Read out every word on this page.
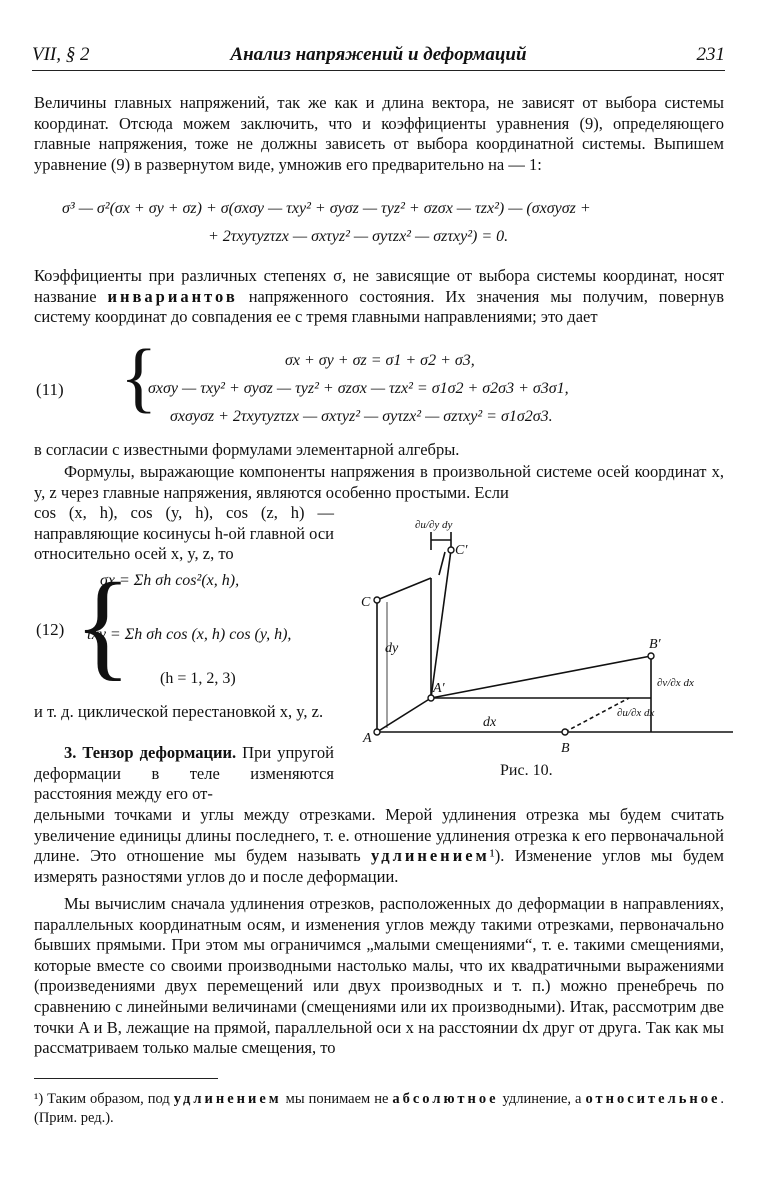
VII, § 2	Анализ напряжений и деформаций	231
Величины главных напряжений, так же как и длина вектора, не зависят от выбора системы координат. Отсюда можем заключить, что и коэффициенты уравнения (9), определяющего главные напряжения, тоже не должны зависеть от выбора координатной системы. Выпишем уравнение (9) в развернутом виде, умножив его предварительно на — 1:
σ³ — σ²(σx + σy + σz) + σ(σxσy — τxy² + σyσz — τyz² + σzσx — τzx²) — (σxσyσz +
+ 2τxyτyzτzx — σxτyz² — σyτzx² — σzτxy²) = 0.
Коэффициенты при различных степенях σ, не зависящие от выбора системы координат, носят название инвариантов напряженного состояния. Их значения мы получим, повернув систему координат до совпадения ее с тремя главными направлениями; это дает
(11) {	σx + σy + σz = σ1 + σ2 + σ3,
σxσy — τxy² + σyσz — τyz² + σzσx — τzx² = σ1σ2 + σ2σ3 + σ3σ1,
σxσyσz + 2τxyτyzτzx — σxτyz² — σyτzx² — σzτxy² = σ1σ2σ3.
в согласии с известными формулами элементарной алгебры.
Формулы, выражающие компоненты напряжения в произвольной системе осей координат x, y, z через главные напряжения, являются особенно простыми. Если
cos (x, h), cos (y, h), cos (z, h) — направляющие косинусы h-ой главной оси относительно осей x, y, z, то
(12) {
σx = Σh σh cos²(x, h),
τxy = Σh σh cos (x, h) cos (y, h),
(h = 1, 2, 3)
и т. д. циклической перестановкой x, y, z.
3. Тензор деформации. При упругой деформации в теле изменяются расстояния между его от-
A
A′
B
B′
C
C′
dy
dx
∂u/∂y dy
∂v/∂x dx
∂u/∂x dx
Рис. 10.
дельными точками и углы между отрезками. Мерой удлинения отрезка мы будем считать увеличение единицы длины последнего, т. е. отношение удлинения отрезка к его первоначальной длине. Это отношение мы будем называть удлинением¹). Изменение углов мы будем измерять разностями углов до и после деформации.
Мы вычислим сначала удлинения отрезков, расположенных до деформации в направлениях, параллельных координатным осям, и изменения углов между такими отрезками, первоначально бывших прямыми. При этом мы ограничимся „малыми смещениями“, т. е. такими смещениями, которые вместе со своими производными настолько малы, что их квадратичными выражениями (произведениями двух перемещений или двух производных и т. п.) можно пренебречь по сравнению с линейными величинами (смещениями или их производными). Итак, рассмотрим две точки A и B, лежащие на прямой, параллельной оси x на расстоянии dx друг от друга. Так как мы рассматриваем только малые смещения, то
¹) Таким образом, под удлинением мы понимаем не абсолютное удлинение, а относительное. (Прим. ред.).
